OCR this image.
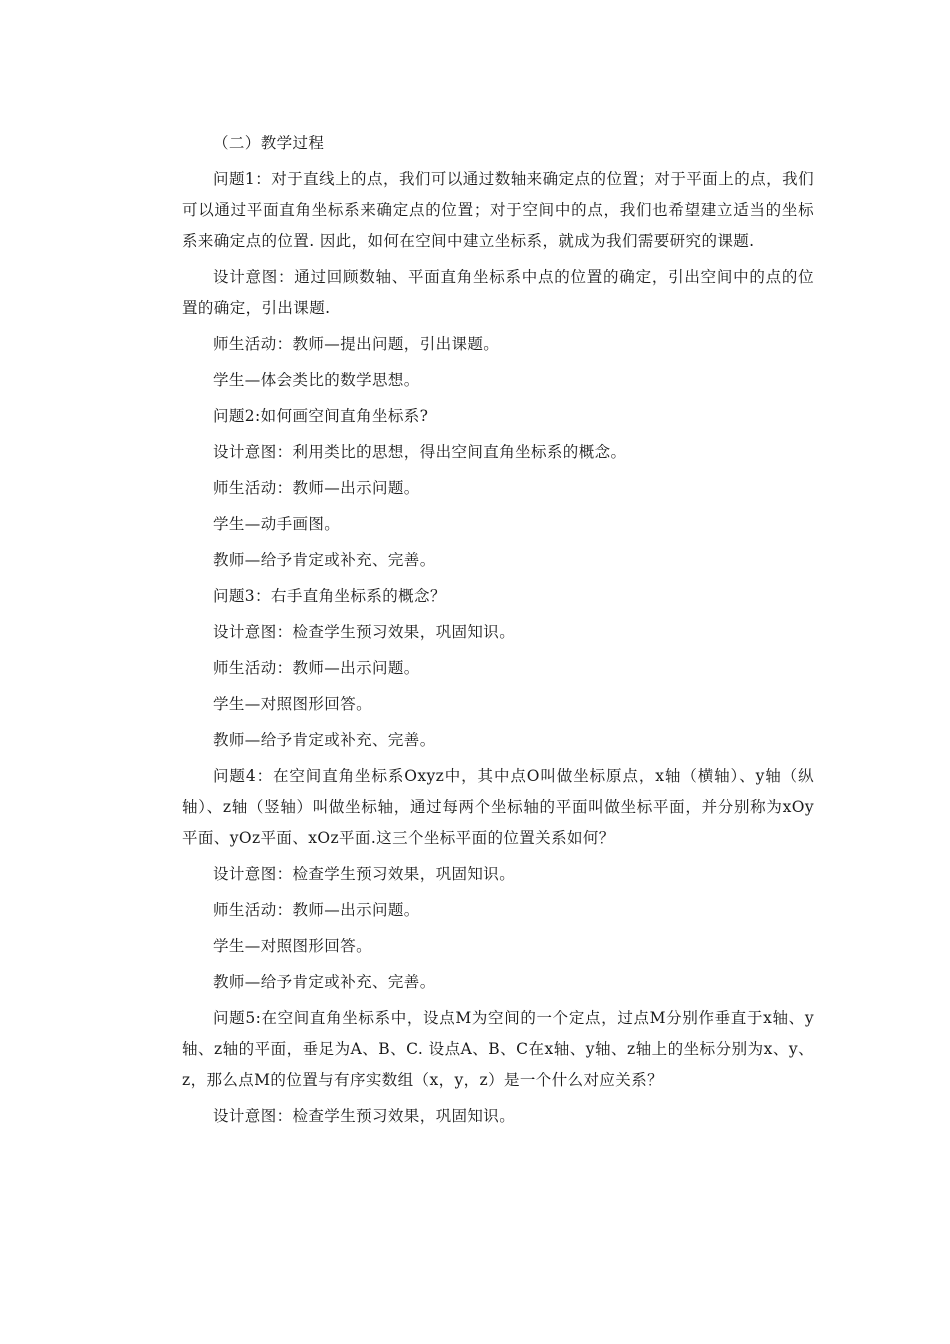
（二）教学过程

问题1：对于直线上的点，我们可以通过数轴来确定点的位置；对于平面上的点，我们可以通过平面直角坐标系来确定点的位置；对于空间中的点，我们也希望建立适当的坐标系来确定点的位置. 因此，如何在空间中建立坐标系，就成为我们需要研究的课题.

设计意图：通过回顾数轴、平面直角坐标系中点的位置的确定，引出空间中的点的位置的确定，引出课题.

师生活动：教师—提出问题，引出课题。

学生—体会类比的数学思想。

问题2:如何画空间直角坐标系?

设计意图：利用类比的思想，得出空间直角坐标系的概念。

师生活动：教师—出示问题。

学生—动手画图。

教师—给予肯定或补充、完善。

问题3：右手直角坐标系的概念？

设计意图：检查学生预习效果，巩固知识。

师生活动：教师—出示问题。

学生—对照图形回答。

教师—给予肯定或补充、完善。

问题4：在空间直角坐标系Oxyz中，其中点O叫做坐标原点，x轴（横轴）、y轴（纵轴）、z轴（竖轴）叫做坐标轴，通过每两个坐标轴的平面叫做坐标平面，并分别称为xOy平面、yOz平面、xOz平面.这三个坐标平面的位置关系如何？

设计意图：检查学生预习效果，巩固知识。

师生活动：教师—出示问题。

学生—对照图形回答。

教师—给予肯定或补充、完善。

问题5:在空间直角坐标系中，设点M为空间的一个定点，过点M分别作垂直于x轴、y轴、z轴的平面，垂足为A、B、C. 设点A、B、C在x轴、y轴、z轴上的坐标分别为x、y、z，那么点M的位置与有序实数组（x，y，z）是一个什么对应关系？

设计意图：检查学生预习效果，巩固知识。
